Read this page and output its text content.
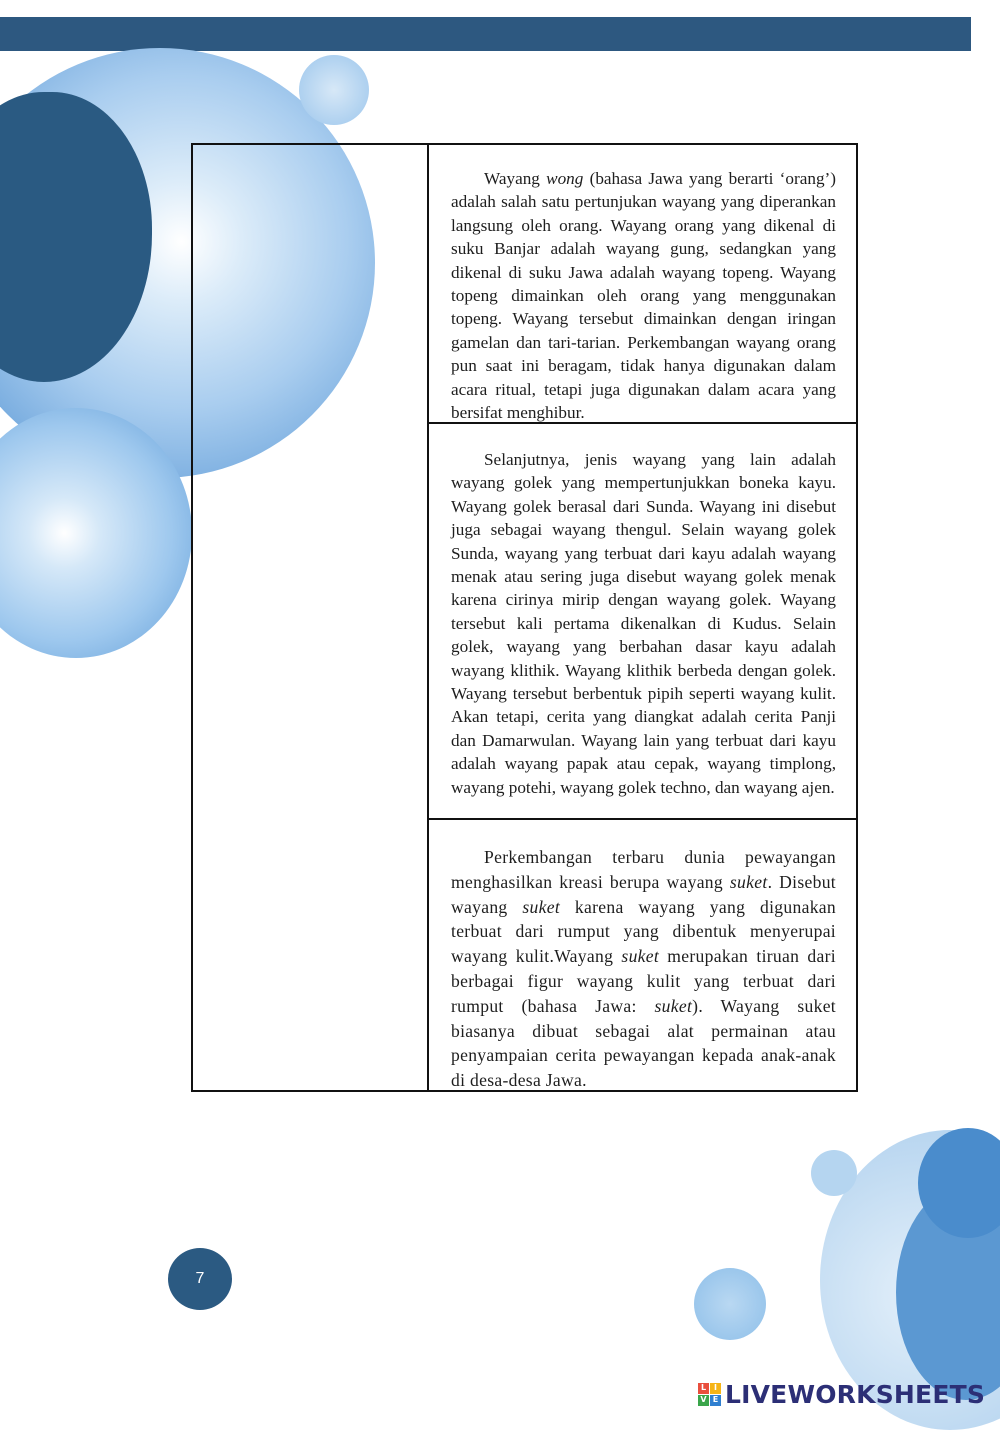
Wayang wong (bahasa Jawa yang berarti ‘orang’) adalah salah satu pertunjukan wayang yang diperankan langsung oleh orang. Wayang orang yang dikenal di suku Banjar adalah wayang gung, sedangkan yang dikenal di suku Jawa adalah wayang topeng. Wayang topeng dimainkan oleh orang yang menggunakan topeng. Wayang tersebut dimainkan dengan iringan gamelan dan tari-tarian. Perkembangan wayang orang pun saat ini beragam, tidak hanya digunakan dalam acara ritual, tetapi juga digunakan dalam acara yang bersifat menghibur.

Selanjutnya, jenis wayang yang lain adalah wayang golek yang mempertunjukkan boneka kayu. Wayang golek berasal dari Sunda. Wayang ini disebut juga sebagai wayang thengul. Selain wayang golek Sunda, wayang yang terbuat dari kayu adalah wayang menak atau sering juga disebut wayang golek menak karena cirinya mirip dengan wayang golek. Wayang tersebut kali pertama dikenalkan di Kudus. Selain golek, wayang yang berbahan dasar kayu adalah wayang klithik. Wayang klithik berbeda dengan golek. Wayang tersebut berbentuk pipih seperti wayang kulit. Akan tetapi, cerita yang diangkat adalah cerita Panji dan Damarwulan. Wayang lain yang terbuat dari kayu adalah wayang papak atau cepak, wayang timplong, wayang potehi, wayang golek techno, dan wayang ajen.

Perkembangan terbaru dunia pewayangan menghasilkan kreasi berupa wayang suket. Disebut wayang suket karena wayang yang digunakan terbuat dari rumput yang dibentuk menyerupai wayang kulit.Wayang suket merupakan tiruan dari berbagai figur wayang kulit yang terbuat dari rumput (bahasa Jawa: suket). Wayang suket biasanya dibuat sebagai alat permainan atau penyampaian cerita pewayangan kepada anak-anak di desa-desa Jawa.

7
L I
V E LIVEWORKSHEETS
